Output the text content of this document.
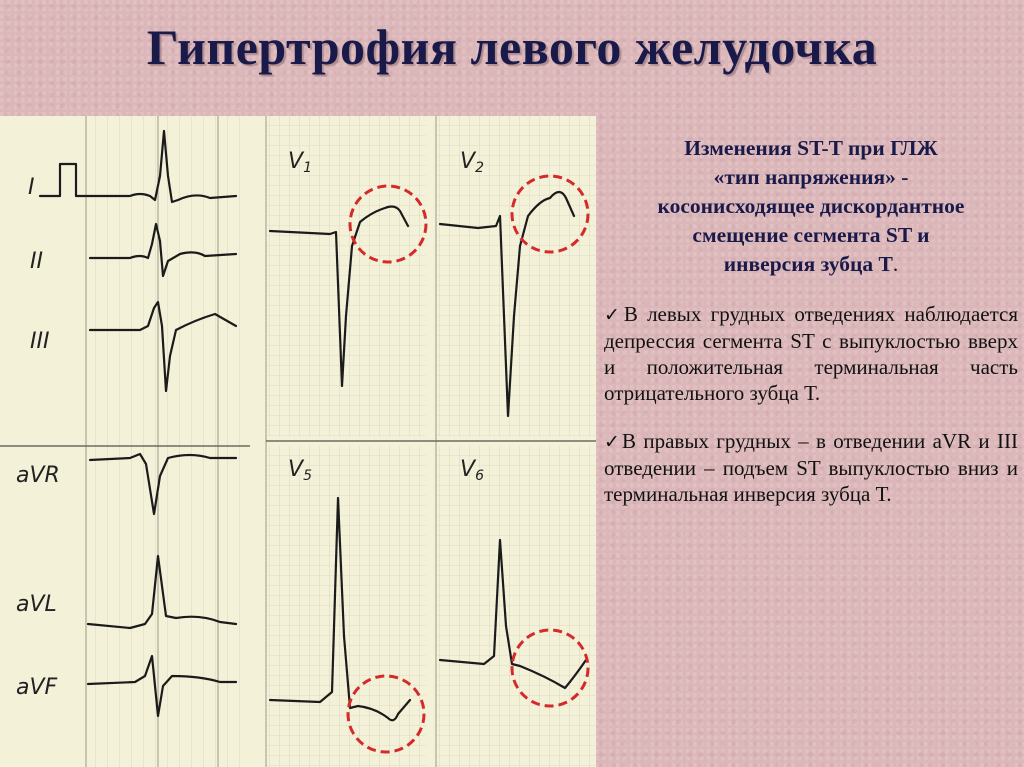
Гипертрофия левого желудочка
I
II
III
aVR
aVL
aVF
V1	V2
V5	V6
Изменения ST-T при ГЛЖ
«тип напряжения» -
косонисходящее дискордантное
смещение сегмента ST и
инверсия зубца Т.

✓В левых грудных отведениях наблюдается депрессия сегмента ST с выпуклостью вверх и положительная терминальная часть отрицательного зубца Т.

✓В правых грудных – в отведении aVR и III отведении – подъем ST выпуклостью вниз и терминальная инверсия зубца Т.
